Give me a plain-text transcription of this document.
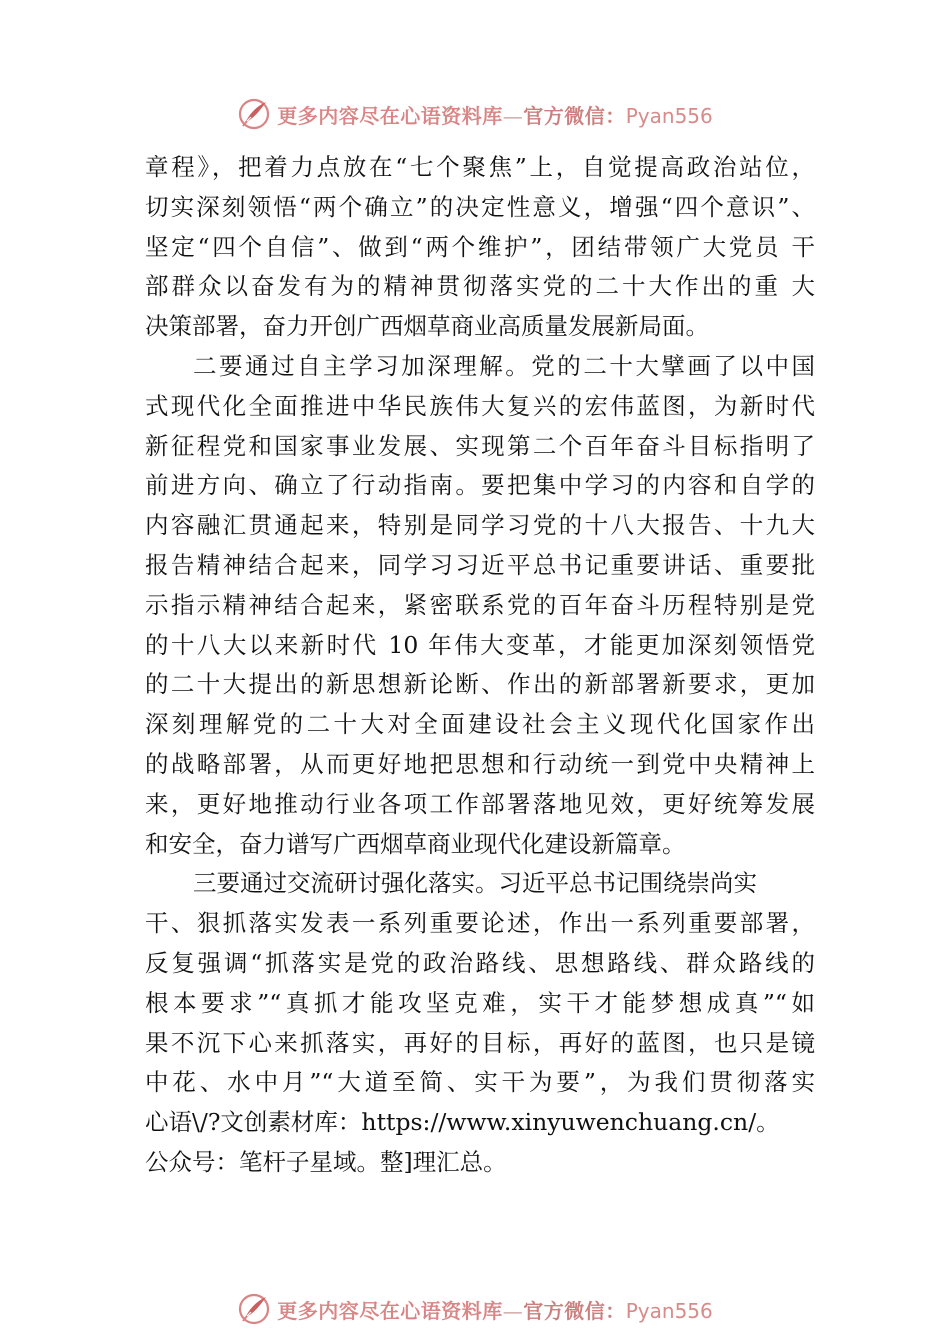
更多内容尽在心语资料库—官方微信：Pyan556
章程》，把着力点放在“七个聚焦”上，自觉提高政治站位，
切实深刻领悟“两个确立”的决定性意义，增强“四个意识”、
坚定“四个自信”、做到“两个维护”，团结带领广大党员 干
部群众以奋发有为的精神贯彻落实党的二十大作出的重 大
决策部署，奋力开创广西烟草商业高质量发展新局面。
二要通过自主学习加深理解。党的二十大擘画了以中国
式现代化全面推进中华民族伟大复兴的宏伟蓝图，为新时代
新征程党和国家事业发展、实现第二个百年奋斗目标指明了
前进方向、确立了行动指南。要把集中学习的内容和自学的
内容融汇贯通起来，特别是同学习党的十八大报告、十九大
报告精神结合起来，同学习习近平总书记重要讲话、重要批
示指示精神结合起来，紧密联系党的百年奋斗历程特别是党
的十八大以来新时代 10 年伟大变革，才能更加深刻领悟党
的二十大提出的新思想新论断、作出的新部署新要求，更加
深刻理解党的二十大对全面建设社会主义现代化国家作出
的战略部署，从而更好地把思想和行动统一到党中央精神上
来，更好地推动行业各项工作部署落地见效，更好统筹发展
和安全，奋力谱写广西烟草商业现代化建设新篇章。
三要通过交流研讨强化落实。习近平总书记围绕崇尚实
干、狠抓落实发表一系列重要论述，作出一系列重要部署，
反复强调“抓落实是党的政治路线、思想路线、群众路线的
根本要求”“真抓才能攻坚克难，实干才能梦想成真”“如
果不沉下心来抓落实，再好的目标，再好的蓝图，也只是镜
中花、水中月”“大道至简、实干为要”，为我们贯彻落实
心语\/?文创素材库：https://www.xinyuwenchuang.cn/。
公众号：笔杆子星域。整]理汇总。
更多内容尽在心语资料库—官方微信：Pyan556
